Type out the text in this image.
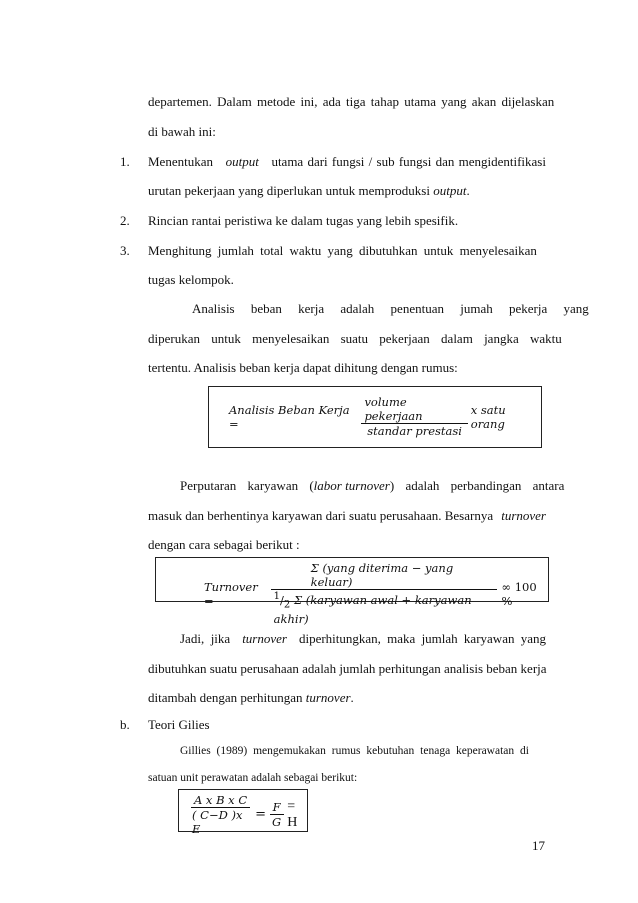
departemen. Dalam metode ini, ada tiga tahap utama yang akan dijelaskan
di bawah ini:
1. Menentukan output utama dari fungsi / sub fungsi dan mengidentifikasi
urutan pekerjaan yang diperlukan untuk memproduksi output.
2. Rincian rantai peristiwa ke dalam tugas yang lebih spesifik.
3. Menghitung jumlah total waktu yang dibutuhkan untuk menyelesaikan
tugas kelompok.
Analisis beban kerja adalah penentuan jumah pekerja yang
diperukan untuk menyelesaikan suatu pekerjaan dalam jangka waktu
tertentu. Analisis beban kerja dapat dihitung dengan rumus:
Analisis Beban Kerja =	$\frac{\text{volume pekerjaan}}{\text{standar prestasi}}$ x satu orang
Perputaran karyawan (labor turnover) adalah perbandingan antara
masuk dan berhentinya karyawan dari suatu perusahaan. Besarnya turnover
dengan cara sebagai berikut :
Turnover =	$\frac{\text{Σ (yang diterima − yang keluar)}}{^1/_2 \Sigma (karyawan awal + karyawan akhir)}$ ∞ 100 %
Jadi,  jika turnover diperhitungkan, maka jumlah karyawan yang
dibutuhkan suatu perusahaan adalah jumlah perhitungan analisis beban kerja
ditambah dengan perhitungan turnover.
b. Teori Gilies
Gillies (1989) mengemukakan rumus kebutuhan tenaga keperawatan di
satuan unit perawatan adalah sebagai berikut:
$\frac{\text{A x B x C}}{\text{( C−D )x E}} = \frac{F}{G} = H$
17
